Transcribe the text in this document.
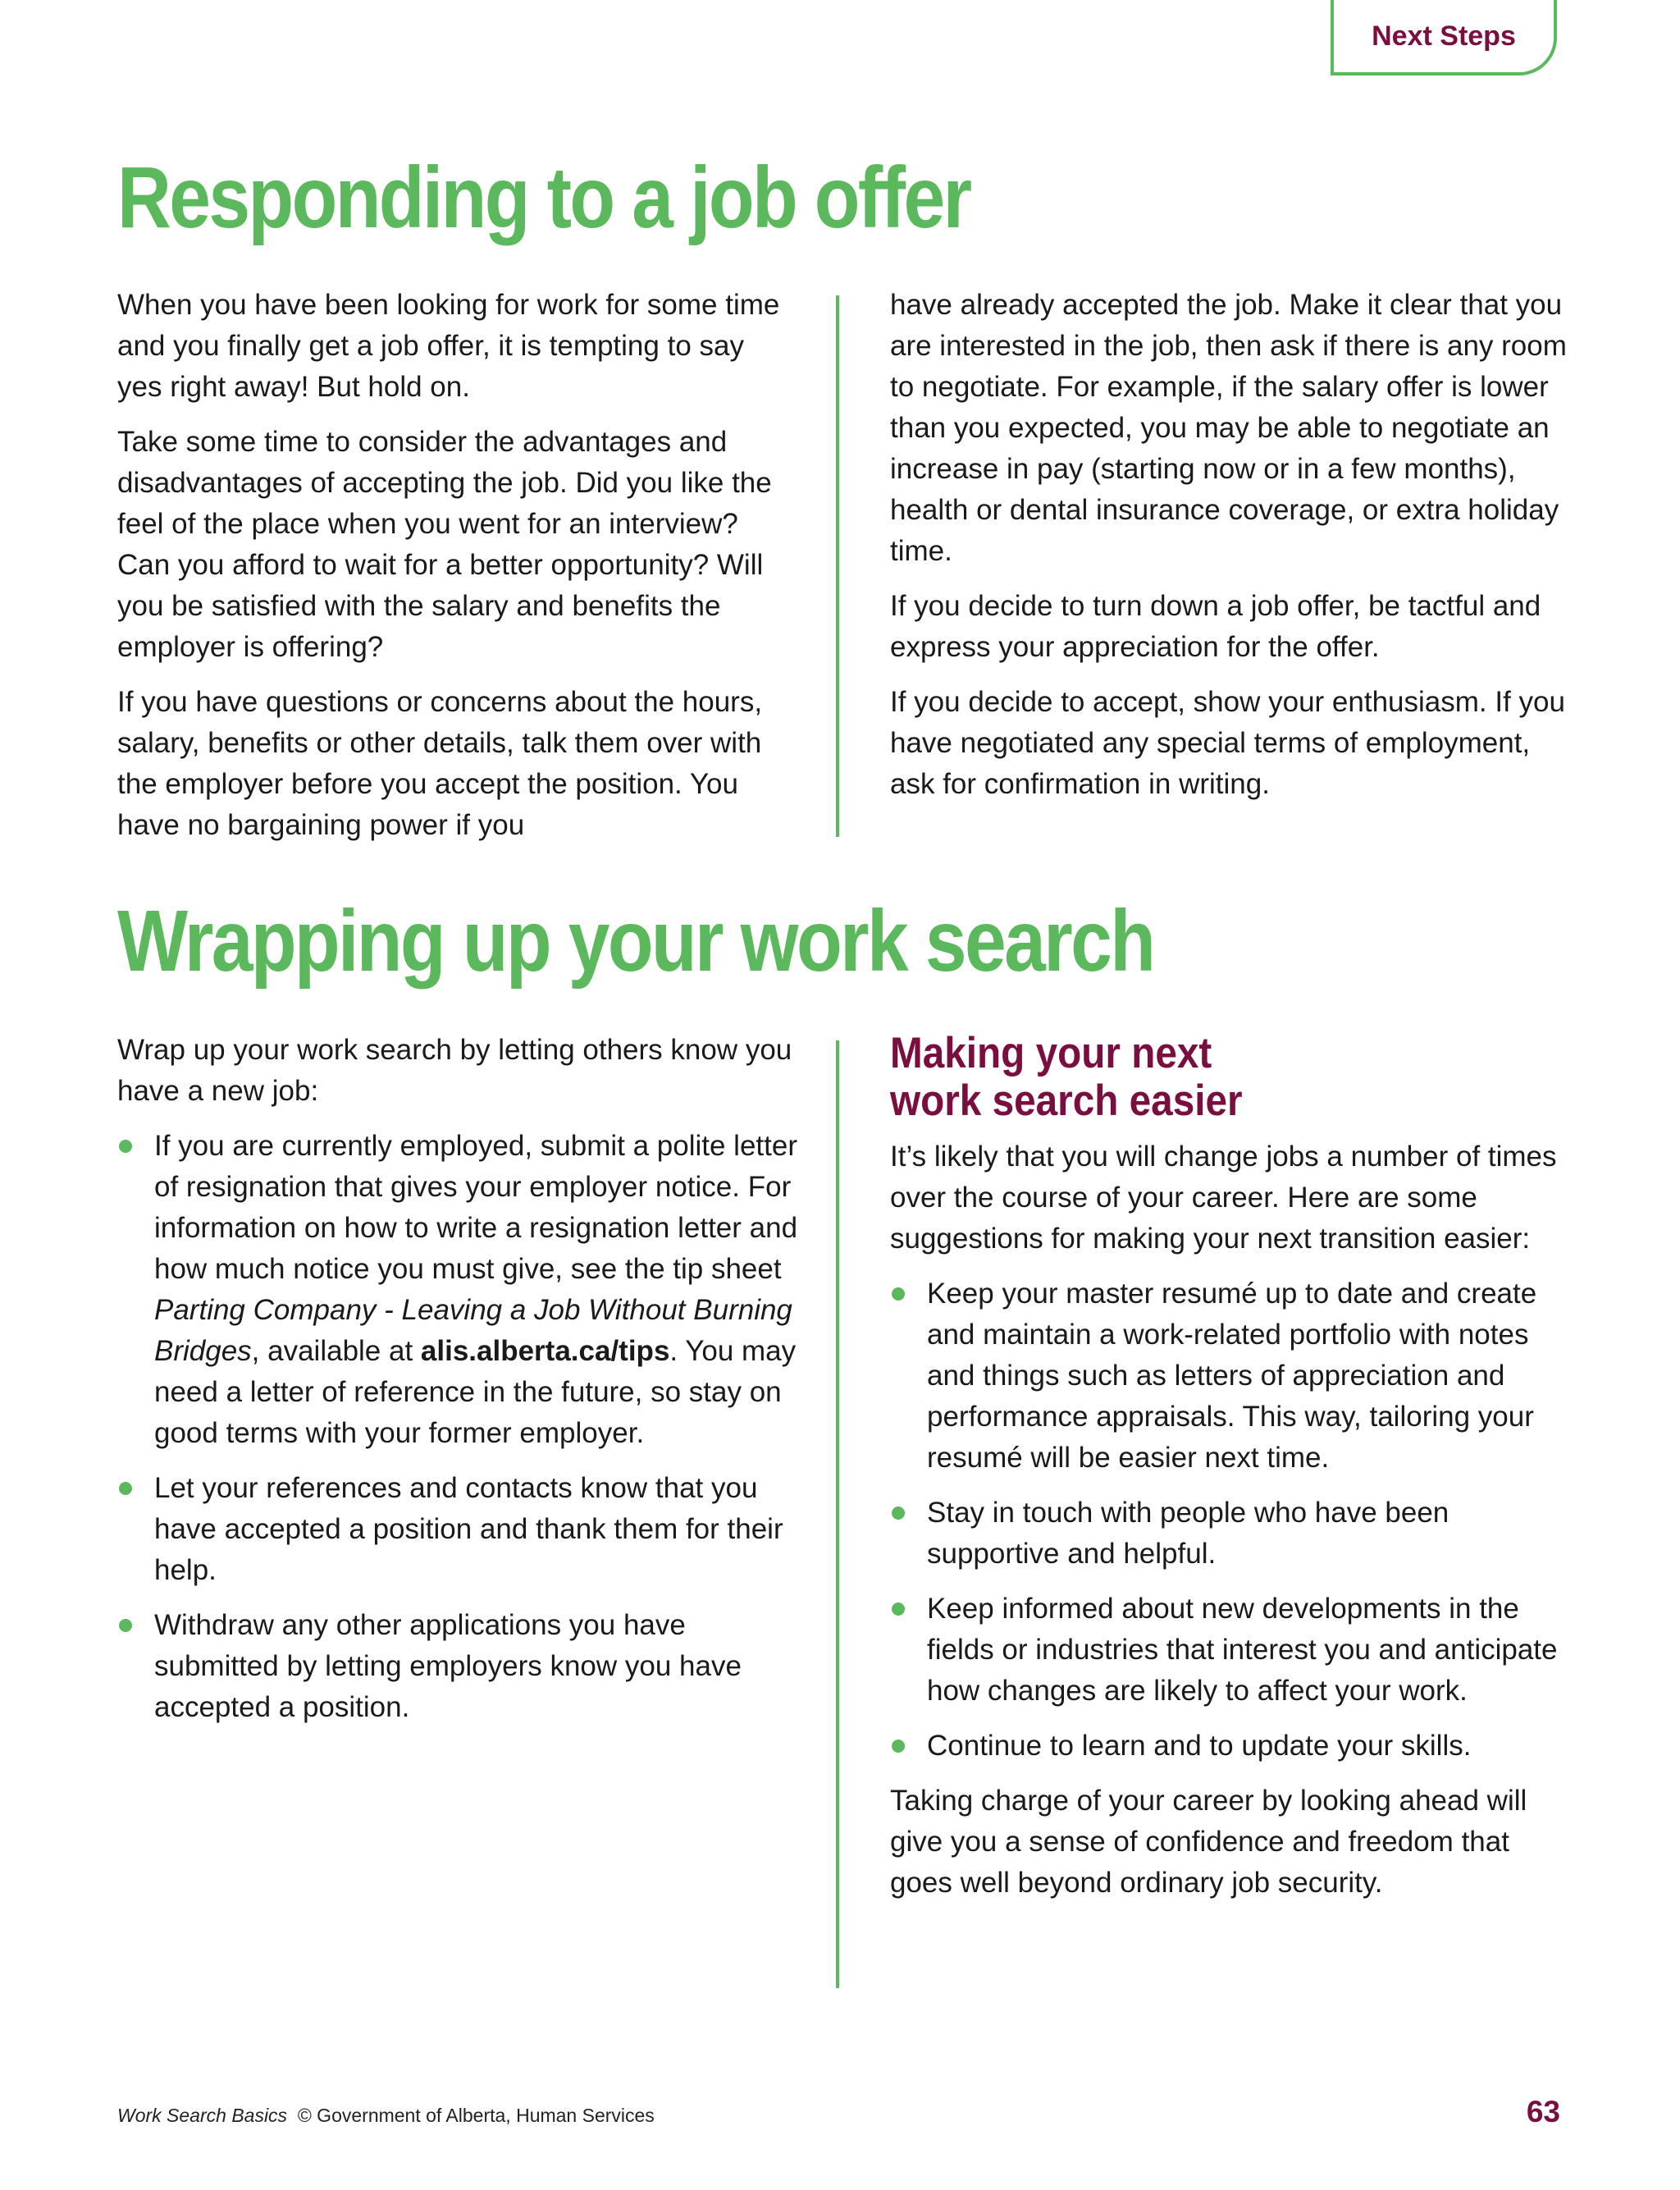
Next Steps
Responding to a job offer

When you have been looking for work for some time and you finally get a job offer, it is tempting to say yes right away! But hold on.

Take some time to consider the advantages and disadvantages of accepting the job. Did you like the feel of the place when you went for an interview? Can you afford to wait for a better opportunity? Will you be satisfied with the salary and benefits the employer is offering?

If you have questions or concerns about the hours, salary, benefits or other details, talk them over with the employer before you accept the position. You have no bargaining power if you

have already accepted the job. Make it clear that you are interested in the job, then ask if there is any room to negotiate. For example, if the salary offer is lower than you expected, you may be able to negotiate an increase in pay (starting now or in a few months), health or dental insurance coverage, or extra holiday time.

If you decide to turn down a job offer, be tactful and express your appreciation for the offer.

If you decide to accept, show your enthusiasm. If you have negotiated any special terms of employment, ask for confirmation in writing.

Wrapping up your work search

Wrap up your work search by letting others know you have a new job:

If you are currently employed, submit a polite letter of resignation that gives your employer notice. For information on how to write a resignation letter and how much notice you must give, see the tip sheet Parting Company - Leaving a Job Without Burning Bridges, available at alis.alberta.ca/tips. You may need a letter of reference in the future, so stay on good terms with your former employer.
Let your references and contacts know that you have accepted a position and thank them for their help.
Withdraw any other applications you have submitted by letting employers know you have accepted a position.
Making your next
work search easier

It’s likely that you will change jobs a number of times over the course of your career. Here are some suggestions for making your next transition easier:

Keep your master resumé up to date and create and maintain a work-related portfolio with notes and things such as letters of appreciation and performance appraisals. This way, tailoring your resumé will be easier next time.
Stay in touch with people who have been supportive and helpful.
Keep informed about new developments in the fields or industries that interest you and anticipate how changes are likely to affect your work.
Continue to learn and to update your skills.

Taking charge of your career by looking ahead will give you a sense of confidence and freedom that goes well beyond ordinary job security.

Work Search Basics © Government of Alberta, Human Services	63
